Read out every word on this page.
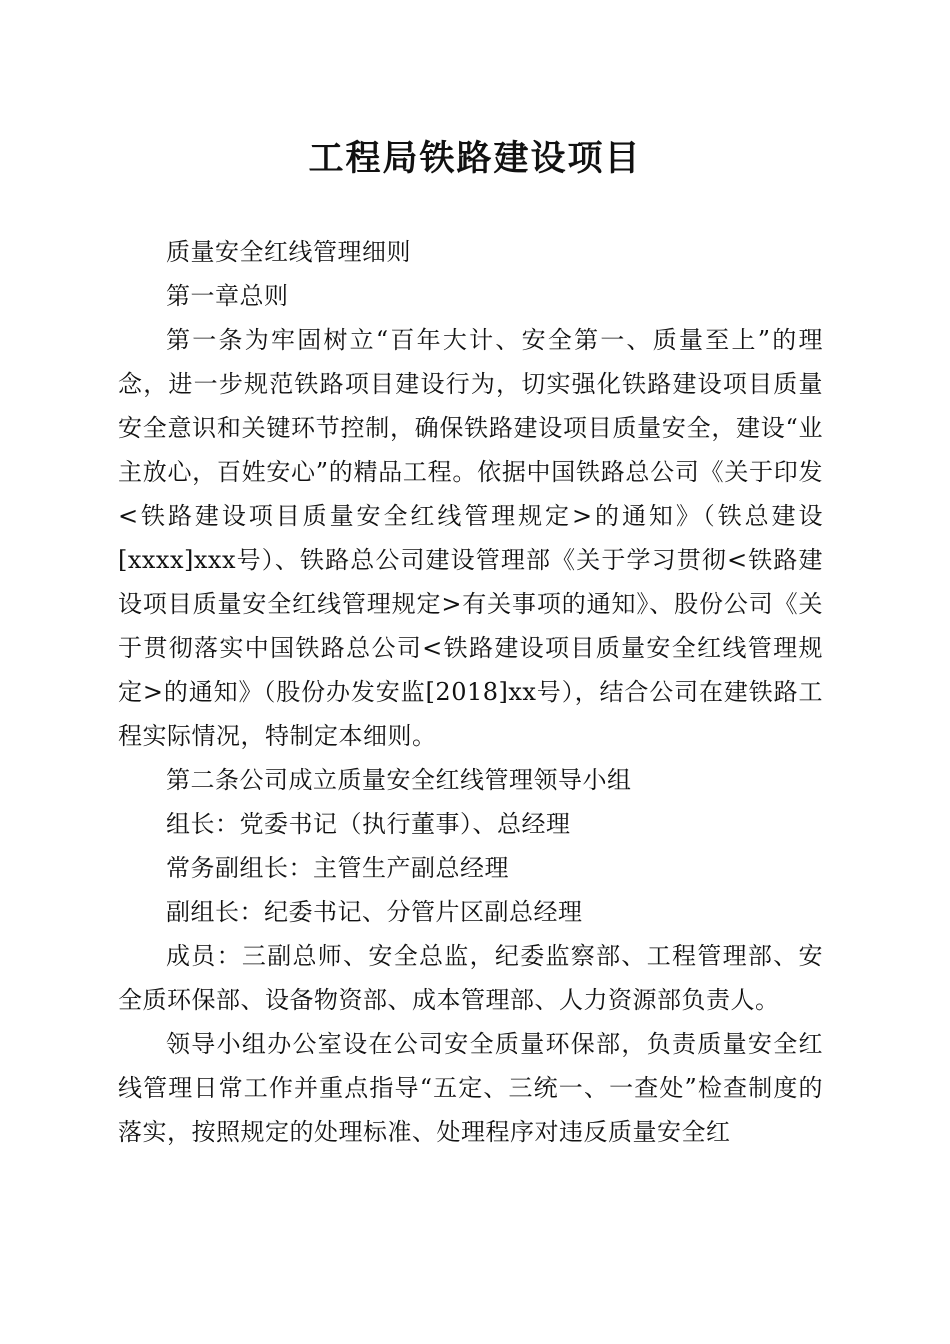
工程局铁路建设项目

质量安全红线管理细则

第一章总则

第一条为牢固树立“百年大计、安全第一、质量至上”的理念，进一步规范铁路项目建设行为，切实强化铁路建设项目质量安全意识和关键环节控制，确保铁路建设项目质量安全，建设“业主放心，百姓安心”的精品工程。依据中国铁路总公司《关于印发<铁路建设项目质量安全红线管理规定>的通知》（铁总建设[xxxx]xxx号）、铁路总公司建设管理部《关于学习贯彻<铁路建设项目质量安全红线管理规定>有关事项的通知》、股份公司《关于贯彻落实中国铁路总公司<铁路建设项目质量安全红线管理规定>的通知》（股份办发安监[2018]xx号），结合公司在建铁路工程实际情况，特制定本细则。

第二条公司成立质量安全红线管理领导小组

组长：党委书记（执行董事）、总经理

常务副组长：主管生产副总经理

副组长：纪委书记、分管片区副总经理

成员：三副总师、安全总监，纪委监察部、工程管理部、安全质环保部、设备物资部、成本管理部、人力资源部负责人。

领导小组办公室设在公司安全质量环保部，负责质量安全红线管理日常工作并重点指导“五定、三统一、一查处”检查制度的落实，按照规定的处理标准、处理程序对违反质量安全红
